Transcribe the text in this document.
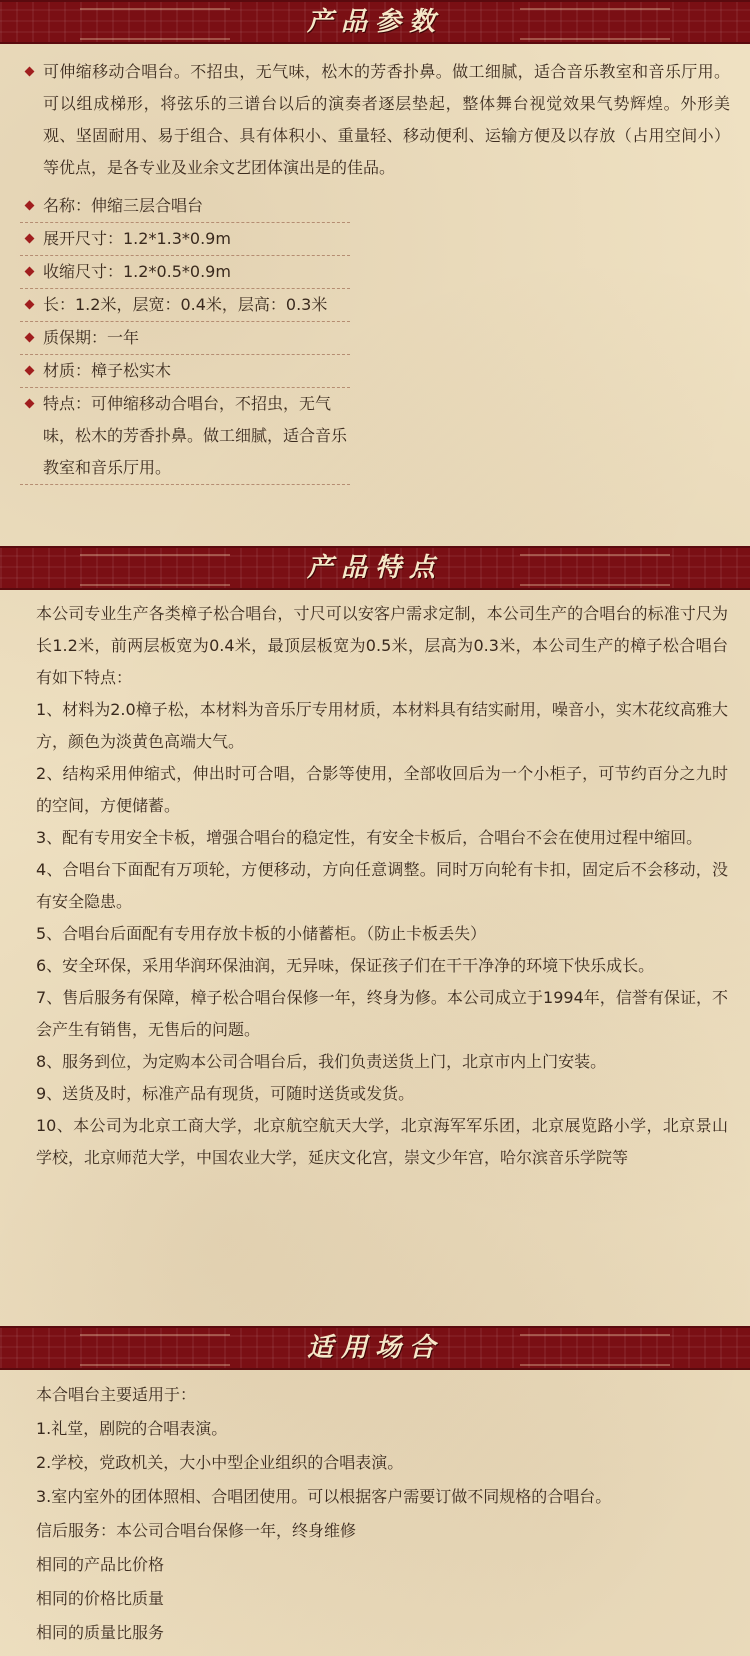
产品参数
可伸缩移动合唱台。不招虫，无气味，松木的芳香扑鼻。做工细腻，适合音乐教室和音乐厅用。可以组成梯形，将弦乐的三谱台以后的演奏者逐层垫起，整体舞台视觉效果气势辉煌。外形美观、坚固耐用、易于组合、具有体积小、重量轻、移动便利、运输方便及以存放（占用空间小）等优点，是各专业及业余文艺团体演出是的佳品。
名称：伸缩三层合唱台
展开尺寸：1.2*1.3*0.9m
收缩尺寸：1.2*0.5*0.9m
长：1.2米，层宽：0.4米，层高：0.3米
质保期：一年
材质：樟子松实木
特点：可伸缩移动合唱台，不招虫，无气味，松木的芳香扑鼻。做工细腻，适合音乐教室和音乐厅用。
产品特点
本公司专业生产各类樟子松合唱台，寸尺可以安客户需求定制，本公司生产的合唱台的标准寸尺为长1.2米，前两层板宽为0.4米，最顶层板宽为0.5米，层高为0.3米，本公司生产的樟子松合唱台有如下特点：
1、材料为2.0樟子松，本材料为音乐厅专用材质，本材料具有结实耐用，噪音小，实木花纹高雅大方，颜色为淡黄色高端大气。
2、结构采用伸缩式，伸出时可合唱，合影等使用，全部收回后为一个小柜子，可节约百分之九时的空间，方便储蓄。
3、配有专用安全卡板，增强合唱台的稳定性，有安全卡板后，合唱台不会在使用过程中缩回。
4、合唱台下面配有万项轮，方便移动，方向任意调整。同时万向轮有卡扣，固定后不会移动，没有安全隐患。
5、合唱台后面配有专用存放卡板的小储蓄柜。（防止卡板丢失）
6、安全环保，采用华润环保油润，无异味，保证孩子们在干干净净的环境下快乐成长。
7、售后服务有保障，樟子松合唱台保修一年，终身为修。本公司成立于1994年，信誉有保证，不会产生有销售，无售后的问题。
8、服务到位，为定购本公司合唱台后，我们负责送货上门，北京市内上门安装。
9、送货及时，标准产品有现货，可随时送货或发货。
10、本公司为北京工商大学，北京航空航天大学，北京海军军乐团，北京展览路小学，北京景山学校，北京师范大学，中国农业大学，延庆文化宫，崇文少年宫，哈尔滨音乐学院等
适用场合
本合唱台主要适用于：
1.礼堂，剧院的合唱表演。
2.学校，党政机关，大小中型企业组织的合唱表演。
3.室内室外的团体照相、合唱团使用。可以根据客户需要订做不同规格的合唱台。
信后服务：本公司合唱台保修一年，终身维修
相同的产品比价格
相同的价格比质量
相同的质量比服务
